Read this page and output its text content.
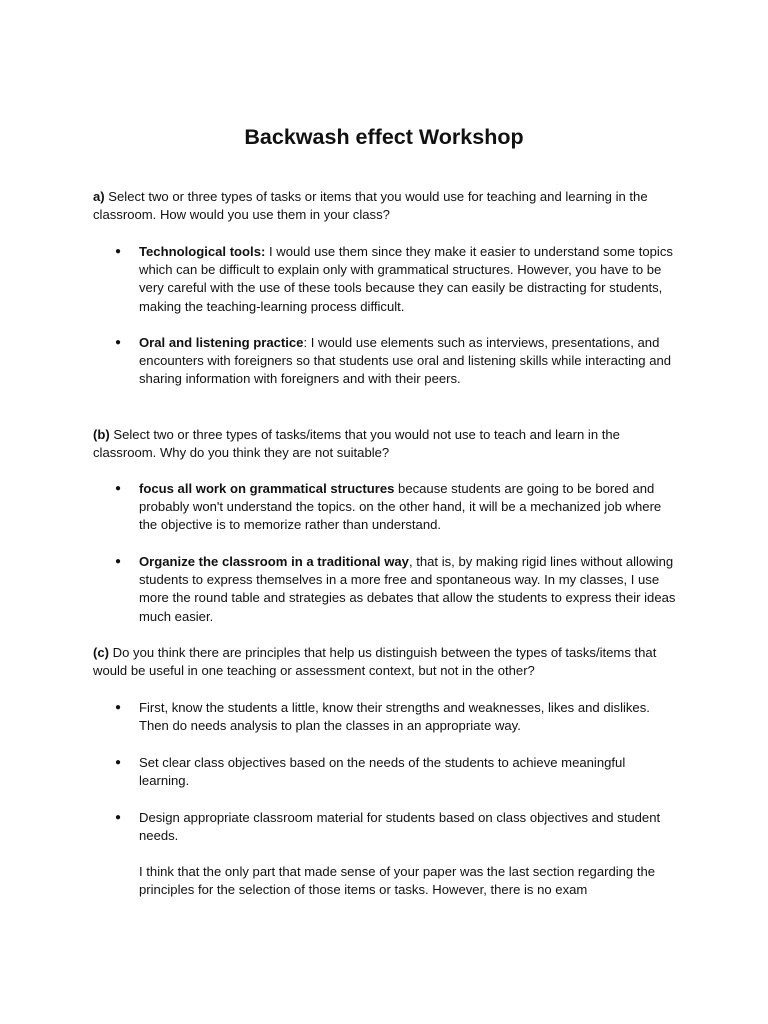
Backwash effect Workshop

a) Select two or three types of tasks or items that you would use for teaching and learning in the classroom. How would you use them in your class?

● Technological tools: I would use them since they make it easier to understand some topics which can be difficult to explain only with grammatical structures. However, you have to be very careful with the use of these tools because they can easily be distracting for students, making the teaching-learning process difficult.

● Oral and listening practice: I would use elements such as interviews, presentations, and encounters with foreigners so that students use oral and listening skills while interacting and sharing information with foreigners and with their peers.

(b) Select two or three types of tasks/items that you would not use to teach and learn in the classroom. Why do you think they are not suitable?

● focus all work on grammatical structures because students are going to be bored and probably won't understand the topics. on the other hand, it will be a mechanized job where the objective is to memorize rather than understand.

● Organize the classroom in a traditional way, that is, by making rigid lines without allowing students to express themselves in a more free and spontaneous way. In my classes, I use more the round table and strategies as debates that allow the students to express their ideas much easier.

(c) Do you think there are principles that help us distinguish between the types of tasks/items that would be useful in one teaching or assessment context, but not in the other?

● First, know the students a little, know their strengths and weaknesses, likes and dislikes. Then do needs analysis to plan the classes in an appropriate way.

● Set clear class objectives based on the needs of the students to achieve meaningful learning.

● Design appropriate classroom material for students based on class objectives and student needs.

I think that the only part that made sense of your paper was the last section regarding the principles for the selection of those items or tasks. However, there is no exam
